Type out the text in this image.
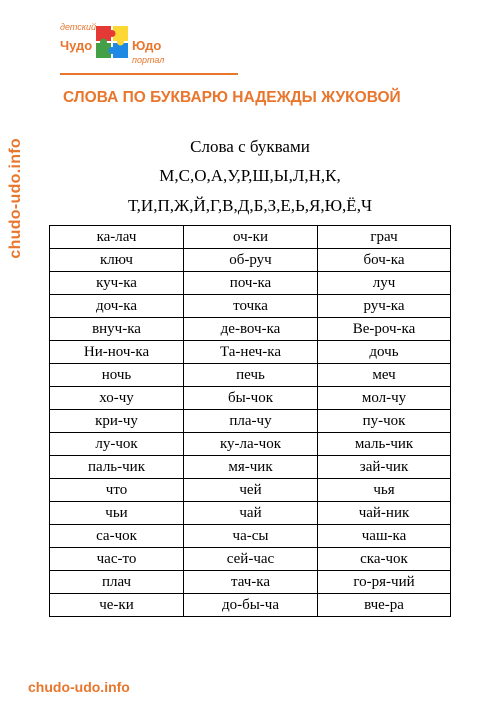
chudo-udo.info
детский
Чудо	Юдо
портал
СЛОВА ПО БУКВАРЮ НАДЕЖДЫ ЖУКОВОЙ
Слова с буквами
М,С,О,А,У,Р,Ш,Ы,Л,Н,К,
Т,И,П,Ж,Й,Г,В,Д,Б,З,Е,Ь,Я,Ю,Ё,Ч
ка-лач	оч-ки	грач
ключ	об-руч	боч-ка
куч-ка	поч-ка	луч
доч-ка	точка	руч-ка
внуч-ка	де-воч-ка	Ве-роч-ка
Ни-ноч-ка	Та-неч-ка	дочь
ночь	печь	меч
хо-чу	бы-чок	мол-чу
кри-чу	пла-чу	пу-чок
лу-чок	ку-ла-чок	маль-чик
паль-чик	мя-чик	зай-чик
что	чей	чья
чьи	чай	чай-ник
са-чок	ча-сы	чаш-ка
час-то	сей-час	ска-чок
плач	тач-ка	го-ря-чий
че-ки	до-бы-ча	вче-ра
chudo-udo.info
